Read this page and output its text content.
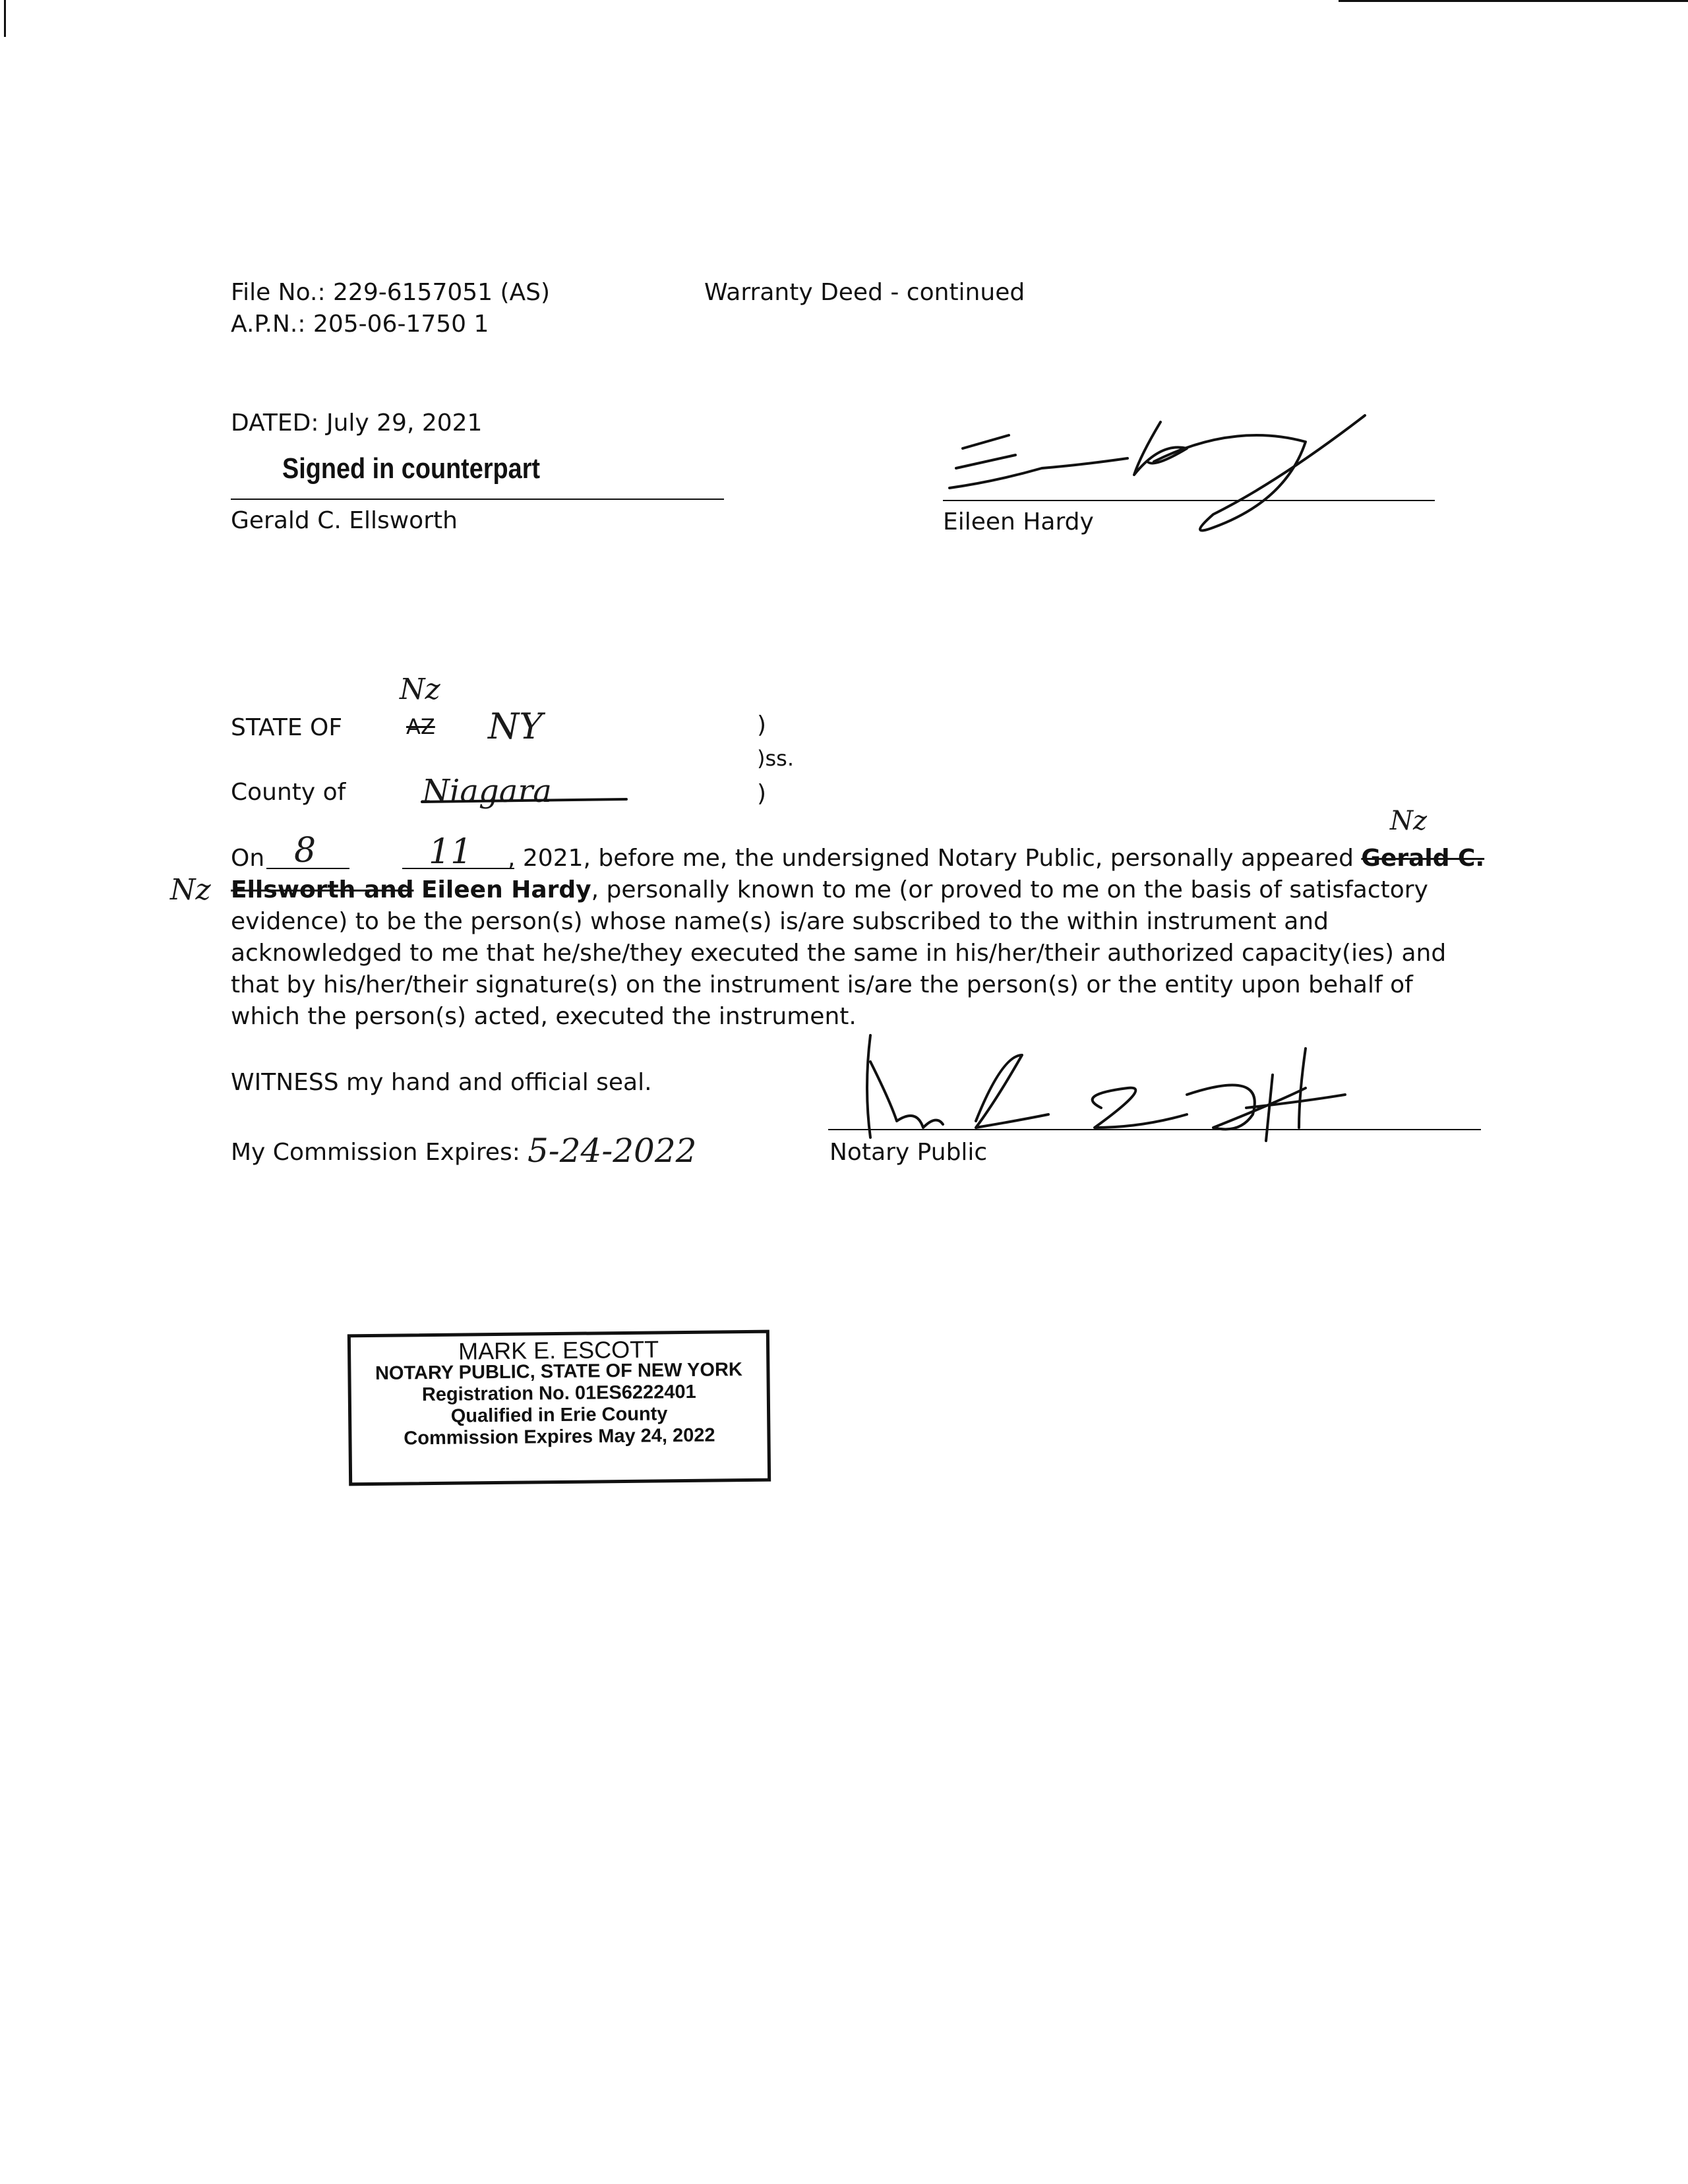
File No.: 229-6157051 (AS)
A.P.N.: 205-06-1750 1
Warranty Deed - continued
DATED: July 29, 2021
Signed in counterpart
Gerald C. Ellsworth	Eileen Hardy
STATE OF
Nz
AZ NY	)
)ss.
County of Niagara	)
On 8	11 , 2021, before me, the undersigned Notary Public, personally appeared Gerald C.
Nz
Nz Ellsworth and Eileen Hardy, personally known to me (or proved to me on the basis of satisfactory
evidence) to be the person(s) whose name(s) is/are subscribed to the within instrument and
acknowledged to me that he/she/they executed the same in his/her/their authorized capacity(ies) and
that by his/her/their signature(s) on the instrument is/are the person(s) or the entity upon behalf of
which the person(s) acted, executed the instrument.
WITNESS my hand and official seal.
My Commission Expires: 5-24-2022	Notary Public
MARK E. ESCOTT
NOTARY PUBLIC, STATE OF NEW YORK
Registration No. 01ES6222401
Qualified in Erie County
Commission Expires May 24, 2022
